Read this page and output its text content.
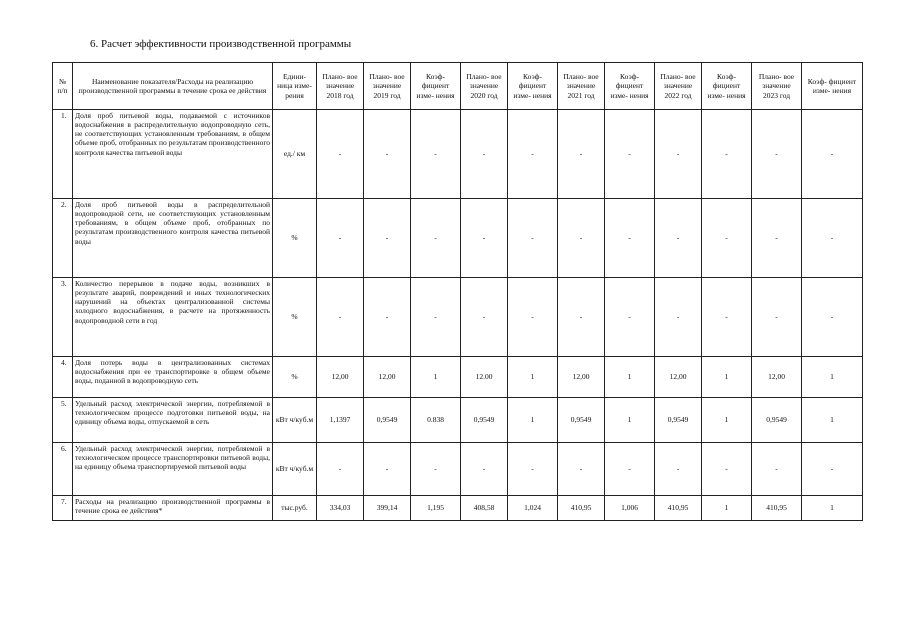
6. Расчет эффективности производственной программы
№ п/п	Наименование показателя/Расходы на реализацию производственной программы в течение срока ее действия	Едини- ница изме- рения	Плано- вое значение 2018 год	Плано- вое значение 2019 год	Коэф- фициент изме- нения	Плано- вое значение 2020 год	Коэф- фициент изме- нения	Плано- вое значение 2021 год	Коэф- фициент изме- нения	Плано- вое значение 2022 год	Коэф- фициент изме- нения	Плано- вое значение 2023 год	Коэф- фициент изме- нения
1.	Доля проб питьевой воды, подаваемой с источников водоснабжения в распределительную водопроводную сеть, не соответствующих установленным требованиям, в общем объеме проб, отобранных по результатам производственного контроля качества питьевой воды	ед./ км	-	-	-	-	-	-	-	-	-	-	-
2.	Доля проб питьевой воды в распределительной водопроводной сети, не соответствующих установленным требованиям, в общем объеме проб, отобранных по результатам производственного контроля качества питьевой воды	%	-	-	-	-	-	-	-	-	-	-	-
3.	Количество перерывов в подаче воды, возникших в результате аварий, повреждений и иных технологических нарушений на объектах централизованной системы холодного водоснабжения, в расчете на протяженность водопроводной сети в год	%	-	-	-	-	-	-	-	-	-	-	-
4.	Доля потерь воды в централизованных системах водоснабжения при ее транспортировке в общем объеме воды, поданной в водопроводную сеть	%	12,00	12,00	1	12.00	1	12,00	1	12,00	1	12,00	1
5.	Удельный расход электрической энергии, потребляемой в технологическом процессе подготовки питьевой воды, на единицу объема воды, отпускаемой в сеть	кВт ч/куб.м	1,1397	0,9549	0.838	0,9549	1	0,9549	1	0,9549	1	0,9549	1
6.	Удельный расход электрической энергии, потребляемой в технологическом процессе транспортировки питьевой воды, на единицу объема транспортируемой питьевой воды	кВт ч/куб.м	-	-	-	-	-	-	-	-	-	-	-
7.	Расходы на реализацию производственной программы в течение срока ее действия*	тыс.руб.	334,03	399,14	1,195	408,58	1,024	410,95	1,006	410,95	1	410,95	1
